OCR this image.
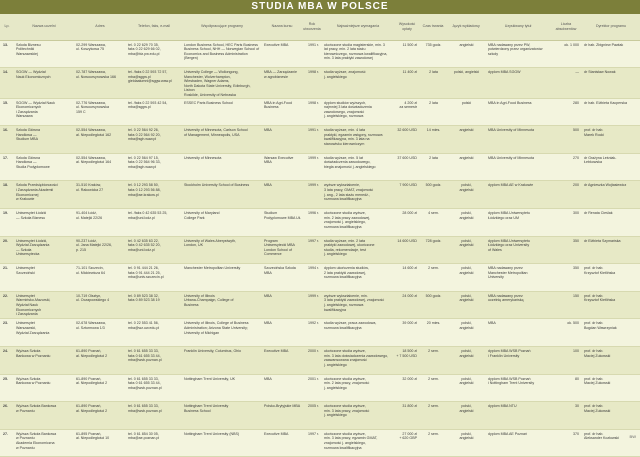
STUDIA MBA W POLSCE
Lp.	Nazwa uczelni	Adres	Telefon, faks, e-mail	Współpracujące programy	Nazwa kursu	Rok utworzenia	Najważniejsze wymagania	Wysokość opłaty	Czas trwania	Język wykładowy	Uzyskiwany tytuł	Liczba absolwentów	Dyrektor programu
13.	Szkoła Biznesu
Politechniki
Warszawskiej	02-299 Warszawa,
ul. Koszykowa 75	tel. 0 22 629 70 35,
faks 0 22 629 66 02,
mba@biz.pw.edu.pl	London Business School, HEC Paris Business
Business School, NHH — Norwegian School of
Economics and Business Administration (Bergen)	Executive MBA	1991 r.	ukończone studia magisterskie, min. 3
lat pracy, min. 2 lata stażu
kierowniczego, rozmowa kwalifikacyjna,
min. 3 lata praktyki zawodowej	11 500 zł	735 godz.	angielski	MBA nadawany przez PW,
potwierdzony przez organizatorów
szkoły	ok. 1 000	dr hab. Zbigniew Pawlak
14.	SGGW — Wydział
Nauk Ekonomicznych	02-787 Warszawa,
ul. Nowoursynowska 166	tel. /faks 0 22 593 72 57,
mba@sggw.pl
gieldaalumni@sggw.waw.pl	University College — Wollongong,
Manchester, Wolverhampton,
Wiesbaden, Wagner Adams,
North Dakota State University, Edinburgh, Lisbon
Roskilde, University of Nebraska	MBA — Zarządzanie
w agrobiznesie	1998 r.	studia wyższe, znajomość
j. angielskiego	11 400 zł	2 lata	polski, angielski	dyplom MBA SGGW	—	dr Stanisław Nowak
15.	SGGW — Wydział Nauk
Ekonomicznych
i Zarządzania
Warszawa	02-776 Warszawa,
ul. Nowoursynowska
159 C	tel. /faks 0 22 593 42 54,
mba@sggw.pl	ESSEC Paris Business School	MBA in Agri-Food Business	1998 r.	dyplom studiów wyższych,
najmniej 3 lata doświadczenia
zawodowego, znajomość
j. angielskiego, rozmowa	4 200 zł
za semestr	2 lata	polski	MBA in Agri-Food Business	280	dr hab. Elżbieta Kacperska
16.	Szkoła Główna
Handlowa —
Studium MBA	02-554 Warszawa,
al. Niepodległości 162	tel. 0 22 564 92 26,
faks 0 22 564 92 20,
mba@sgh.waw.pl	University of Minnesota, Carlson School
of Management, Minneapolis, USA	MBA	1991 r.	studia wyższe, min. 4 lata
praktyki, egzamin wstępny, rozmowa
kwalifikacyjna, min. 3 lata na
stanowisku kierowniczym	32 600 USD	14 mies.	angielski	MBA University of Minnesota	500	prof. dr hab.
Marek Rocki
17.	Szkoła Główna
Handlowa —
Studia Podyplomowe	02-554 Warszawa,
al. Niepodległości 164	tel. 0 22 564 97 15,
faks 0 22 564 96 33,
mba@sgh.waw.pl	University of Minnesota	Warsaw Executive
MBA	1999 r.	studia wyższe, min. 5 lat
doświadczenia zawodowego,
biegła znajomość j. angielskiego	37 600 USD	2 lata	angielski	MBA University of Minnesota	270	dr Grażyna Leśniak-
Łebkowska
18.	Szkoła Przedsiębiorczości
i Zarządzania Akademii
Ekonomicznej
w Krakowie	31-510 Kraków,
ul. Rakowicka 27	tel. 0 12 293 58 50,
faks 0 12 293 56 88,
mba@ae.krakow.pl	Stockholm University School of Business	MBA	1999 r.	wyższe wykształcenie,
3 lata pracy, GMAT, znajomość
j. ang., 2 lata stażu menedż.,
rozmowa kwalifikacyjna	7 900 USD	500 godz.	polski,
angielski	dyplom MBA AE w Krakowie	200	dr Agnieszka Wojtasiewicz
19.	Uniwersytet Łódzki
— Szkoła Biznesu	91-404 Łódź,
ul. Matejki 22/26	tel. /faks 0 42 635 53 25,
mba@uni.lodz.pl	University of Maryland
College Park	Studium
Podyplomowe MBA UŁ	1996 r.	ukończone studia wyższe,
min. 2 lata pracy zawodowej,
znajomość j. angielskiego,
rozmowa kwalifikacyjna	28 000 zł	4 sem.	polski,
angielski	dyplom MBA Uniwersytetu
Łódzkiego oraz UM	300	dr Renata Cieślak
20.	Uniwersytet Łódzki,
Wydział Zarządzania
— Szkoła
Uniwersytecka	90-237 Łódź,
ul. Jana Matejki 22/26,
p. 215	tel. 0 42 635 63 22,
faks 0 42 635 52 20,
mba@uni.lodz.pl	University of Wales Aberystwyth,
London, UK	Program
Uniwersytecki MBA
London School of Commerce	1997 r.	studia wyższe, min. 2 lata
praktyki zawodowej, ukończone
studia, rekomendacje, test
j. angielskiego	14 600 USD	728 godz.	polski,
angielski	dyplom MBA Uniwersytetu
Łódzkiego oraz University
of Wales	350	dr Elżbieta Szymańska
21.	Uniwersytet
Szczeciński	71-101 Szczecin,
ul. Mickiewicza 64	tel. 0 91 444 21 26,
faks 0 91 444 21 25,
mba@univ.szczecin.pl	Manchester Metropolitan University	Szczecińska Szkoła MBA	1994 r.	dyplom ukończenia studiów,
2 lata praktyki zawodowej,
rozmowa kwalifikacyjna	14 600 zł	2 sem.	polski,
angielski	MBA nadawany przez
Manchester Metropolitan
University	350	prof. dr hab.
Krzysztof Kietlińska
22.	Uniwersytet
Warmińsko-Mazurski,
Wydział Nauk
Ekonomicznych
i Zarządzania	10-719 Olsztyn,
ul. Oczapowskiego 4	tel. 0 89 523 38 32,
faks 0 89 523 38 19	University of Illinois
Urbana-Champaign, College of
Business	MBA	1999 r.	wyższe wykształcenie, min.
3 lata praktyki zawodowej, znajomość
j. angielskiego, rozmowa
kwalifikacyjna	24 000 zł	500 godz.	polski,
angielski	MBA nadawany przez
uczelnię amerykańską	150	prof. dr hab.
Krzysztof Kietlińska
23.	Uniwersytet
Warszawski,
Wydział Zarządzania	02-678 Warszawa,
ul. Szturmowa 1/3	tel. 0 22 553 41 56,
mba@wz.uw.edu.pl	University of Illinois, College of Business
Administration; Arizona State University;
University of Michigan	MBA	1992 r.	studia wyższe, praca zawodowa,
rozmowa kwalifikacyjna	39 000 zł	20 mies.	polski,
angielski	MBA	ok. 500	prof. dr hab.
Bogdan Wawrzyniak
24.	Wyższa Szkoła
Bankowa w Poznaniu	61-890 Poznań,
al. Niepodległości 2	tel. 0 61 655 33 33,
faks 0 61 655 33 44,
mba@wsb.poznan.pl	Franklin University, Columbus, Ohio	Executive MBA	2000 r.	ukończone studia wyższe,
min. 3 lata doświadczenia zawodowego,
zaawansowana znajomość
j. angielskiego	18 500 zł
+ 7 500 USD	2 sem.	polski,
angielski	dyplom MBA WSB Poznań
i Franklin University	100	prof. dr hab.
Maciej Żukowski
25.	Wyższa Szkoła
Bankowa w Poznaniu	61-890 Poznań,
al. Niepodległości 2	tel. 0 61 655 33 33,
faks 0 61 655 33 44,
mba@wsb.poznan.pl	Nottingham Trent University, UK	MBA	2001 r.	ukończone studia wyższe,
min. 2 lata pracy, znajomość
j. angielskiego	32 000 zł	2 sem.	polski,
angielski	dyplom MBA WSB Poznań
i Nottingham Trent University	80	prof. dr hab.
Maciej Żukowski
26.	Wyższa Szkoła Bankowa
w Poznaniu	61-890 Poznań,
al. Niepodległości 2	tel. 0 61 655 33 33,
mba@wsb.poznan.pl	Nottingham Trent University
Business School	Polsko-Brytyjskie MBA	2005 r.	ukończone studia wyższe,
min. 3 lata pracy, znajomość
j. angielskiego	31 800 zł	2 sem.	polski,
angielski	dyplom MBA NTU	30	prof. dr hab.
Maciej Żukowski
27.	Wyższa Szkoła Bankowa
w Poznaniu
Akademia Ekonomiczna
w Poznaniu	61-895 Poznań,
al. Niepodległości 10	tel. 0 61 854 30 05,
mba@ae.poznan.pl	Nottingham Trent University (NBS)	Executive MBA	1997 r.	ukończone studia wyższe,
min. 3 lata pracy, egzamin GMAT,
znajomość j. angielskiego,
rozmowa kwalifikacyjna	27 000 zł
+ 620 GBP	2 sem.	polski,
angielski	dyplom MBA AE Poznań	370	prof. dr hab.
Aleksander Kozłowski	BW
